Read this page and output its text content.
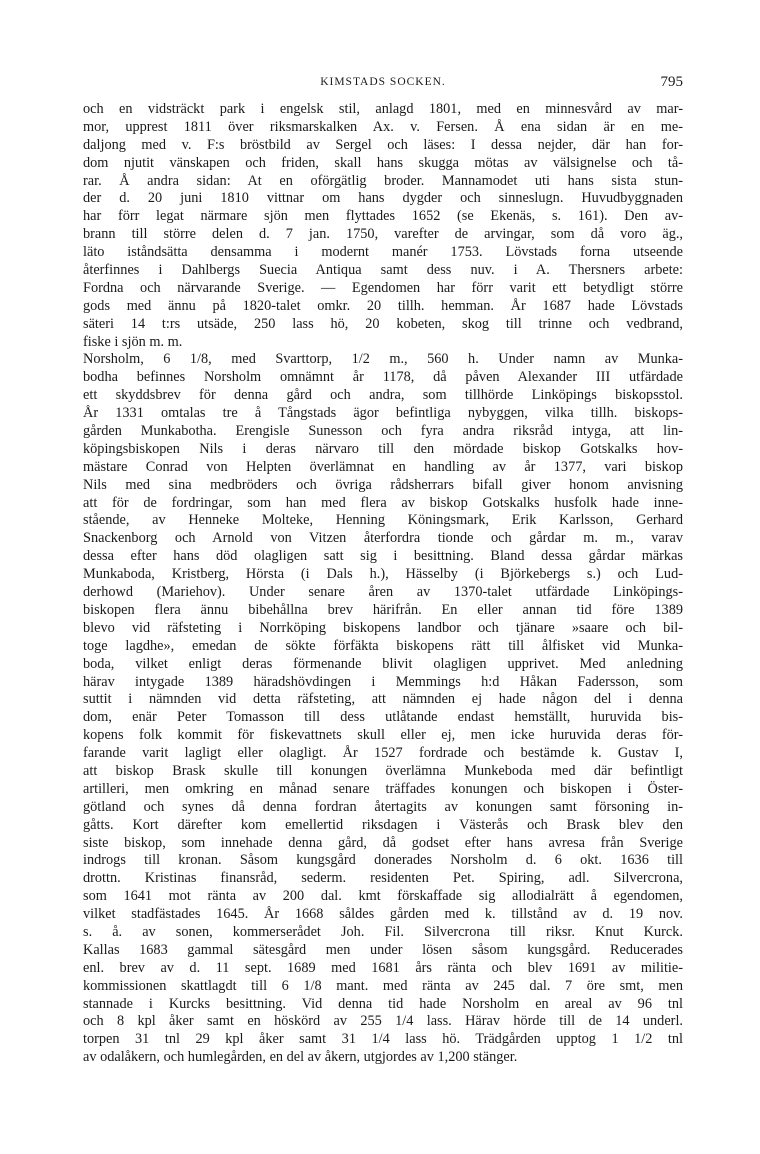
KIMSTADS SOCKEN.	795
och en vidsträckt park i engelsk stil, anlagd 1801, med en minnesvård av mar-
mor, upprest 1811 över riksmarskalken Ax. v. Fersen. Å ena sidan är en me-
daljong med v. F:s bröstbild av Sergel och läses: I dessa nejder, där han for-
dom njutit vänskapen och friden, skall hans skugga mötas av välsignelse och tå-
rar. Å andra sidan: At en oförgätlig broder. Mannamodet uti hans sista stun-
der d. 20 juni 1810 vittnar om hans dygder och sinneslugn. Huvudbyggnaden
har förr legat närmare sjön men flyttades 1652 (se Ekenäs, s. 161). Den av-
brann till större delen d. 7 jan. 1750, varefter de arvingar, som då voro äg.,
läto iståndsätta densamma i modernt manér 1753. Lövstads forna utseende
återfinnes i Dahlbergs Suecia Antiqua samt dess nuv. i A. Thersners arbete:
Fordna och närvarande Sverige. — Egendomen har förr varit ett betydligt större
gods med ännu på 1820-talet omkr. 20 tillh. hemman. År 1687 hade Lövstads
säteri 14 t:rs utsäde, 250 lass hö, 20 kobeten, skog till trinne och vedbrand,
fiske i sjön m. m.
Norsholm, 6 1/8, med Svarttorp, 1/2 m., 560 h. Under namn av Munka-
bodha befinnes Norsholm omnämnt år 1178, då påven Alexander III utfärdade
ett skyddsbrev för denna gård och andra, som tillhörde Linköpings biskopsstol.
År 1331 omtalas tre å Tångstads ägor befintliga nybyggen, vilka tillh. biskops-
gården Munkabotha. Erengisle Sunesson och fyra andra riksråd intyga, att lin-
köpingsbiskopen Nils i deras närvaro till den mördade biskop Gotskalks hov-
mästare Conrad von Helpten överlämnat en handling av år 1377, vari biskop
Nils med sina medbröders och övriga rådsherrars bifall giver honom anvisning
att för de fordringar, som han med flera av biskop Gotskalks husfolk hade inne-
stående, av Henneke Molteke, Henning Köningsmark, Erik Karlsson, Gerhard
Snackenborg och Arnold von Vitzen återfordra tionde och gårdar m. m., varav
dessa efter hans död olagligen satt sig i besittning. Bland dessa gårdar märkas
Munkaboda, Kristberg, Hörsta (i Dals h.), Hässelby (i Björkebergs s.) och Lud-
derhowd (Mariehov). Under senare åren av 1370-talet utfärdade Linköpings-
biskopen flera ännu bibehållna brev härifrån. En eller annan tid före 1389
blevo vid räfsteting i Norrköping biskopens landbor och tjänare »saare och bil-
toge lagdhe», emedan de sökte förfäkta biskopens rätt till ålfisket vid Munka-
boda, vilket enligt deras förmenande blivit olagligen upprivet. Med anledning
härav intygade 1389 häradshövdingen i Memmings h:d Håkan Fadersson, som
suttit i nämnden vid detta räfsteting, att nämnden ej hade någon del i denna
dom, enär Peter Tomasson till dess utlåtande endast hemställt, huruvida bis-
kopens folk kommit för fiskevattnets skull eller ej, men icke huruvida deras för-
farande varit lagligt eller olagligt. År 1527 fordrade och bestämde k. Gustav I,
att biskop Brask skulle till konungen överlämna Munkeboda med där befintligt
artilleri, men omkring en månad senare träffades konungen och biskopen i Öster-
götland och synes då denna fordran återtagits av konungen samt försoning in-
gåtts. Kort därefter kom emellertid riksdagen i Västerås och Brask blev den
siste biskop, som innehade denna gård, då godset efter hans avresa från Sverige
indrogs till kronan. Såsom kungsgård donerades Norsholm d. 6 okt. 1636 till
drottn. Kristinas finansråd, sederm. residenten Pet. Spiring, adl. Silvercrona,
som 1641 mot ränta av 200 dal. kmt förskaffade sig allodialrätt å egendomen,
vilket stadfästades 1645. År 1668 såldes gården med k. tillstånd av d. 19 nov.
s. å. av sonen, kommerserådet Joh. Fil. Silvercrona till riksr. Knut Kurck.
Kallas 1683 gammal sätesgård men under lösen såsom kungsgård. Reducerades
enl. brev av d. 11 sept. 1689 med 1681 års ränta och blev 1691 av militie-
kommissionen skattlagdt till 6 1/8 mant. med ränta av 245 dal. 7 öre smt, men
stannade i Kurcks besittning. Vid denna tid hade Norsholm en areal av 96 tnl
och 8 kpl åker samt en höskörd av 255 1/4 lass. Härav hörde till de 14 underl.
torpen 31 tnl 29 kpl åker samt 31 1/4 lass hö. Trädgården upptog 1 1/2 tnl
av odalåkern, och humlegården, en del av åkern, utgjordes av 1,200 stänger.
